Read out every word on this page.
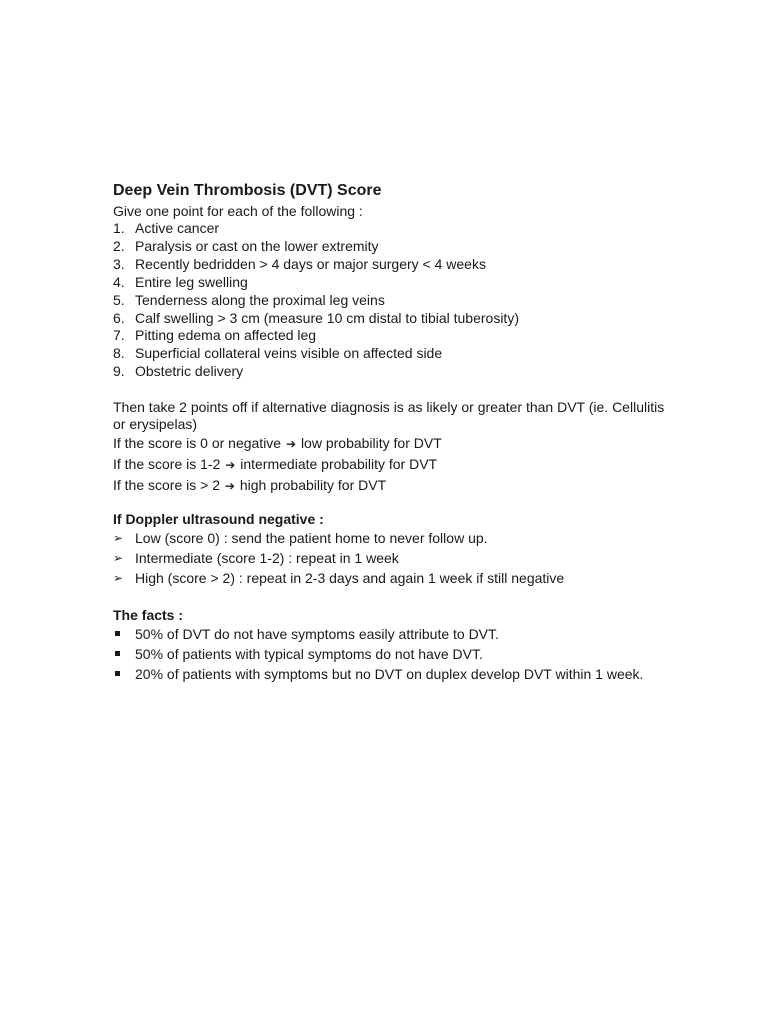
Deep Vein Thrombosis (DVT) Score

Give one point for each of the following :

1. Active cancer
2. Paralysis or cast on the lower extremity
3. Recently bedridden > 4 days or major surgery < 4 weeks
4. Entire leg swelling
5. Tenderness along the proximal leg veins
6. Calf swelling > 3 cm (measure 10 cm distal to tibial tuberosity)
7. Pitting edema on affected leg
8. Superficial collateral veins visible on affected side
9. Obstetric delivery

Then take 2 points off if alternative diagnosis is as likely or greater than DVT (ie. Cellulitis or erysipelas)

If the score is 0 or negative ➔ low probability for DVT

If the score is 1-2 ➔ intermediate probability for DVT

If the score is > 2 ➔ high probability for DVT

If Doppler ultrasound negative :

➢ Low (score 0) : send the patient home to never follow up.
➢ Intermediate (score 1-2) : repeat in 1 week
➢ High (score > 2) : repeat in 2-3 days and again 1 week if still negative

The facts :

50% of DVT do not have symptoms easily attribute to DVT.
50% of patients with typical symptoms do not have DVT.
20% of patients with symptoms but no DVT on duplex develop DVT within 1 week.
